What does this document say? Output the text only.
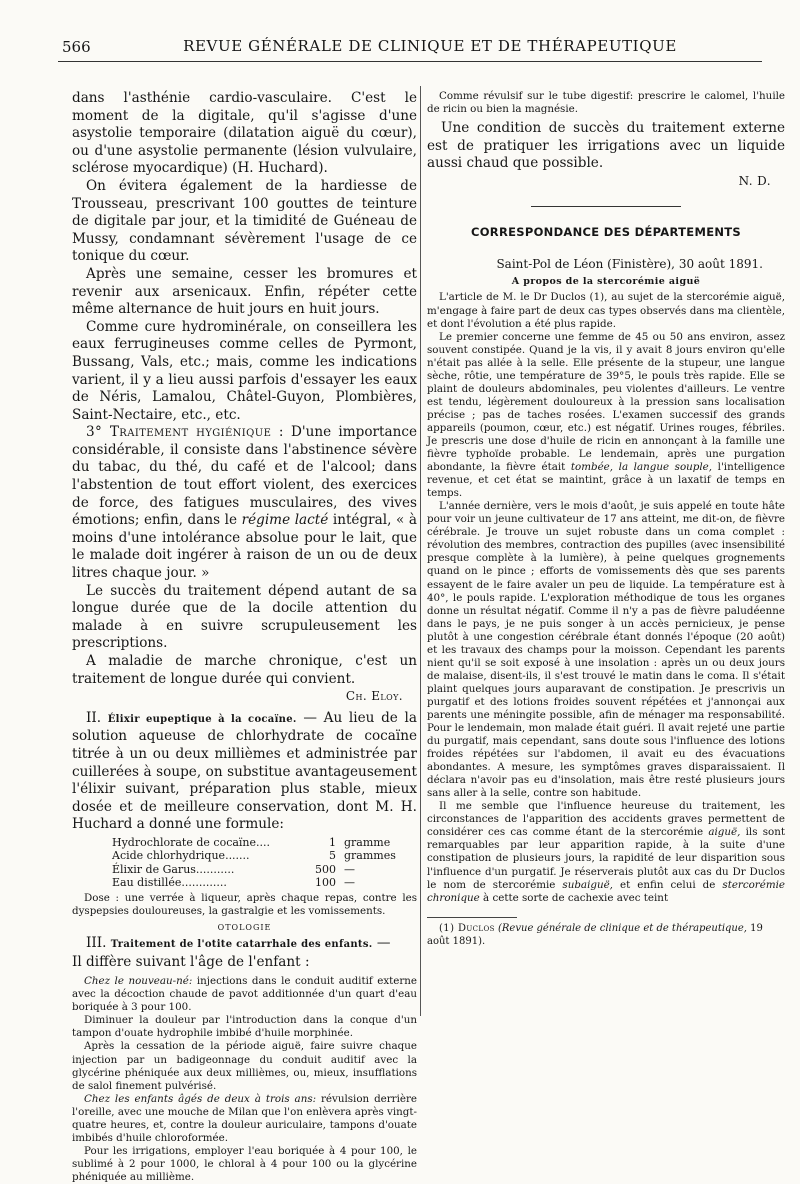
566	REVUE GÉNÉRALE DE CLINIQUE ET DE THÉRAPEUTIQUE
dans l'asthénie cardio-vasculaire. C'est le moment de la digitale, qu'il s'agisse d'une asystolie temporaire (dilatation aiguë du cœur), ou d'une asystolie permanente (lésion vulvulaire, sclérose myocardique) (H. Huchard).

On évitera également de la hardiesse de Trousseau, prescrivant 100 gouttes de teinture de digitale par jour, et la timidité de Guéneau de Mussy, condamnant sévèrement l'usage de ce tonique du cœur.

Après une semaine, cesser les bromures et revenir aux arsenicaux. Enfin, répéter cette même alternance de huit jours en huit jours.

Comme cure hydrominérale, on conseillera les eaux ferrugineuses comme celles de Pyrmont, Bussang, Vals, etc.; mais, comme les indications varient, il y a lieu aussi parfois d'essayer les eaux de Néris, Lamalou, Châtel-Guyon, Plombières, Saint-Nectaire, etc., etc.

3° Traitement hygiénique : D'une importance considérable, il consiste dans l'abstinence sévère du tabac, du thé, du café et de l'alcool; dans l'abstention de tout effort violent, des exercices de force, des fatigues musculaires, des vives émotions; enfin, dans le régime lacté intégral, « à moins d'une intolérance absolue pour le lait, que le malade doit ingérer à raison de un ou de deux litres chaque jour. »

Le succès du traitement dépend autant de sa longue durée que de la docile attention du malade à en suivre scrupuleusement les prescriptions.

A maladie de marche chronique, c'est un traitement de longue durée qui convient.

Ch. Eloy.

II. Élixir eupeptique à la cocaïne. — Au lieu de la solution aqueuse de chlorhydrate de cocaïne titrée à un ou deux millièmes et administrée par cuillerées à soupe, on substitue avantageusement l'élixir suivant, préparation plus stable, mieux dosée et de meilleure conservation, dont M. H. Huchard a donné une formule:

Hydrochlorate de cocaïne....	1 gramme
Acide chlorhydrique.......	5 grammes
Élixir de Garus...........	500 —
Eau distillée.............	100 —

Dose : une verrée à liqueur, après chaque repas, contre les dyspepsies douloureuses, la gastralgie et les vomissements.

OTOLOGIE

III. Traitement de l'otite catarrhale des enfants. —

Il diffère suivant l'âge de l'enfant :

Chez le nouveau-né: injections dans le conduit auditif externe avec la décoction chaude de pavot additionnée d'un quart d'eau boriquée à 3 pour 100.

Diminuer la douleur par l'introduction dans la conque d'un tampon d'ouate hydrophile imbibé d'huile morphinée.

Après la cessation de la période aiguë, faire suivre chaque injection par un badigeonnage du conduit auditif avec la glycérine phéniquée aux deux millièmes, ou, mieux, insufflations de salol finement pulvérisé.

Chez les enfants âgés de deux à trois ans: révulsion derrière l'oreille, avec une mouche de Milan que l'on enlèvera après vingt-quatre heures, et, contre la douleur auriculaire, tampons d'ouate imbibés d'huile chloroformée.

Pour les irrigations, employer l'eau boriquée à 4 pour 100, le sublimé à 2 pour 1000, le chloral à 4 pour 100 ou la glycérine phéniquée au millième.

Comme révulsif sur le tube digestif: prescrire le calomel, l'huile de ricin ou bien la magnésie.

Une condition de succès du traitement externe est de pratiquer les irrigations avec un liquide aussi chaud que possible.

N. D.
CORRESPONDANCE DES DÉPARTEMENTS
Saint-Pol de Léon (Finistère), 30 août 1891.
A propos de la stercorémie aiguë

L'article de M. le Dr Duclos (1), au sujet de la stercorémie aiguë, m'engage à faire part de deux cas types observés dans ma clientèle, et dont l'évolution a été plus rapide.

Le premier concerne une femme de 45 ou 50 ans environ, assez souvent constipée. Quand je la vis, il y avait 8 jours environ qu'elle n'était pas allée à la selle. Elle présente de la stupeur, une langue sèche, rôtie, une température de 39°5, le pouls très rapide. Elle se plaint de douleurs abdominales, peu violentes d'ailleurs. Le ventre est tendu, légèrement douloureux à la pression sans localisation précise ; pas de taches rosées. L'examen successif des grands appareils (poumon, cœur, etc.) est négatif. Urines rouges, fébriles. Je prescris une dose d'huile de ricin en annonçant à la famille une fièvre typhoïde probable. Le lendemain, après une purgation abondante, la fièvre était tombée, la langue souple, l'intelligence revenue, et cet état se maintint, grâce à un laxatif de temps en temps.

L'année dernière, vers le mois d'août, je suis appelé en toute hâte pour voir un jeune cultivateur de 17 ans atteint, me dit-on, de fièvre cérébrale. Je trouve un sujet robuste dans un coma complet : révolution des membres, contraction des pupilles (avec insensibilité presque complète à la lumière), à peine quelques grognements quand on le pince ; efforts de vomissements dès que ses parents essayent de le faire avaler un peu de liquide. La température est à 40°, le pouls rapide. L'exploration méthodique de tous les organes donne un résultat négatif. Comme il n'y a pas de fièvre paludéenne dans le pays, je ne puis songer à un accès pernicieux, je pense plutôt à une congestion cérébrale étant donnés l'époque (20 août) et les travaux des champs pour la moisson. Cependant les parents nient qu'il se soit exposé à une insolation : après un ou deux jours de malaise, disent-ils, il s'est trouvé le matin dans le coma. Il s'était plaint quelques jours auparavant de constipation. Je prescrivis un purgatif et des lotions froides souvent répétées et j'annonçai aux parents une méningite possible, afin de ménager ma responsabilité. Pour le lendemain, mon malade était guéri. Il avait rejeté une partie du purgatif, mais cependant, sans doute sous l'influence des lotions froides répétées sur l'abdomen, il avait eu des évacuations abondantes. A mesure, les symptômes graves disparaissaient. Il déclara n'avoir pas eu d'insolation, mais être resté plusieurs jours sans aller à la selle, contre son habitude.

Il me semble que l'influence heureuse du traitement, les circonstances de l'apparition des accidents graves permettent de considérer ces cas comme étant de la stercorémie aiguë, ils sont remarquables par leur apparition rapide, à la suite d'une constipation de plusieurs jours, la rapidité de leur disparition sous l'influence d'un purgatif. Je réserverais plutôt aux cas du Dr Duclos le nom de stercorémie subaiguë, et enfin celui de stercorémie chronique à cette sorte de cachexie avec teint

(1) Duclos (Revue générale de clinique et de thérapeutique, 19 août 1891).
